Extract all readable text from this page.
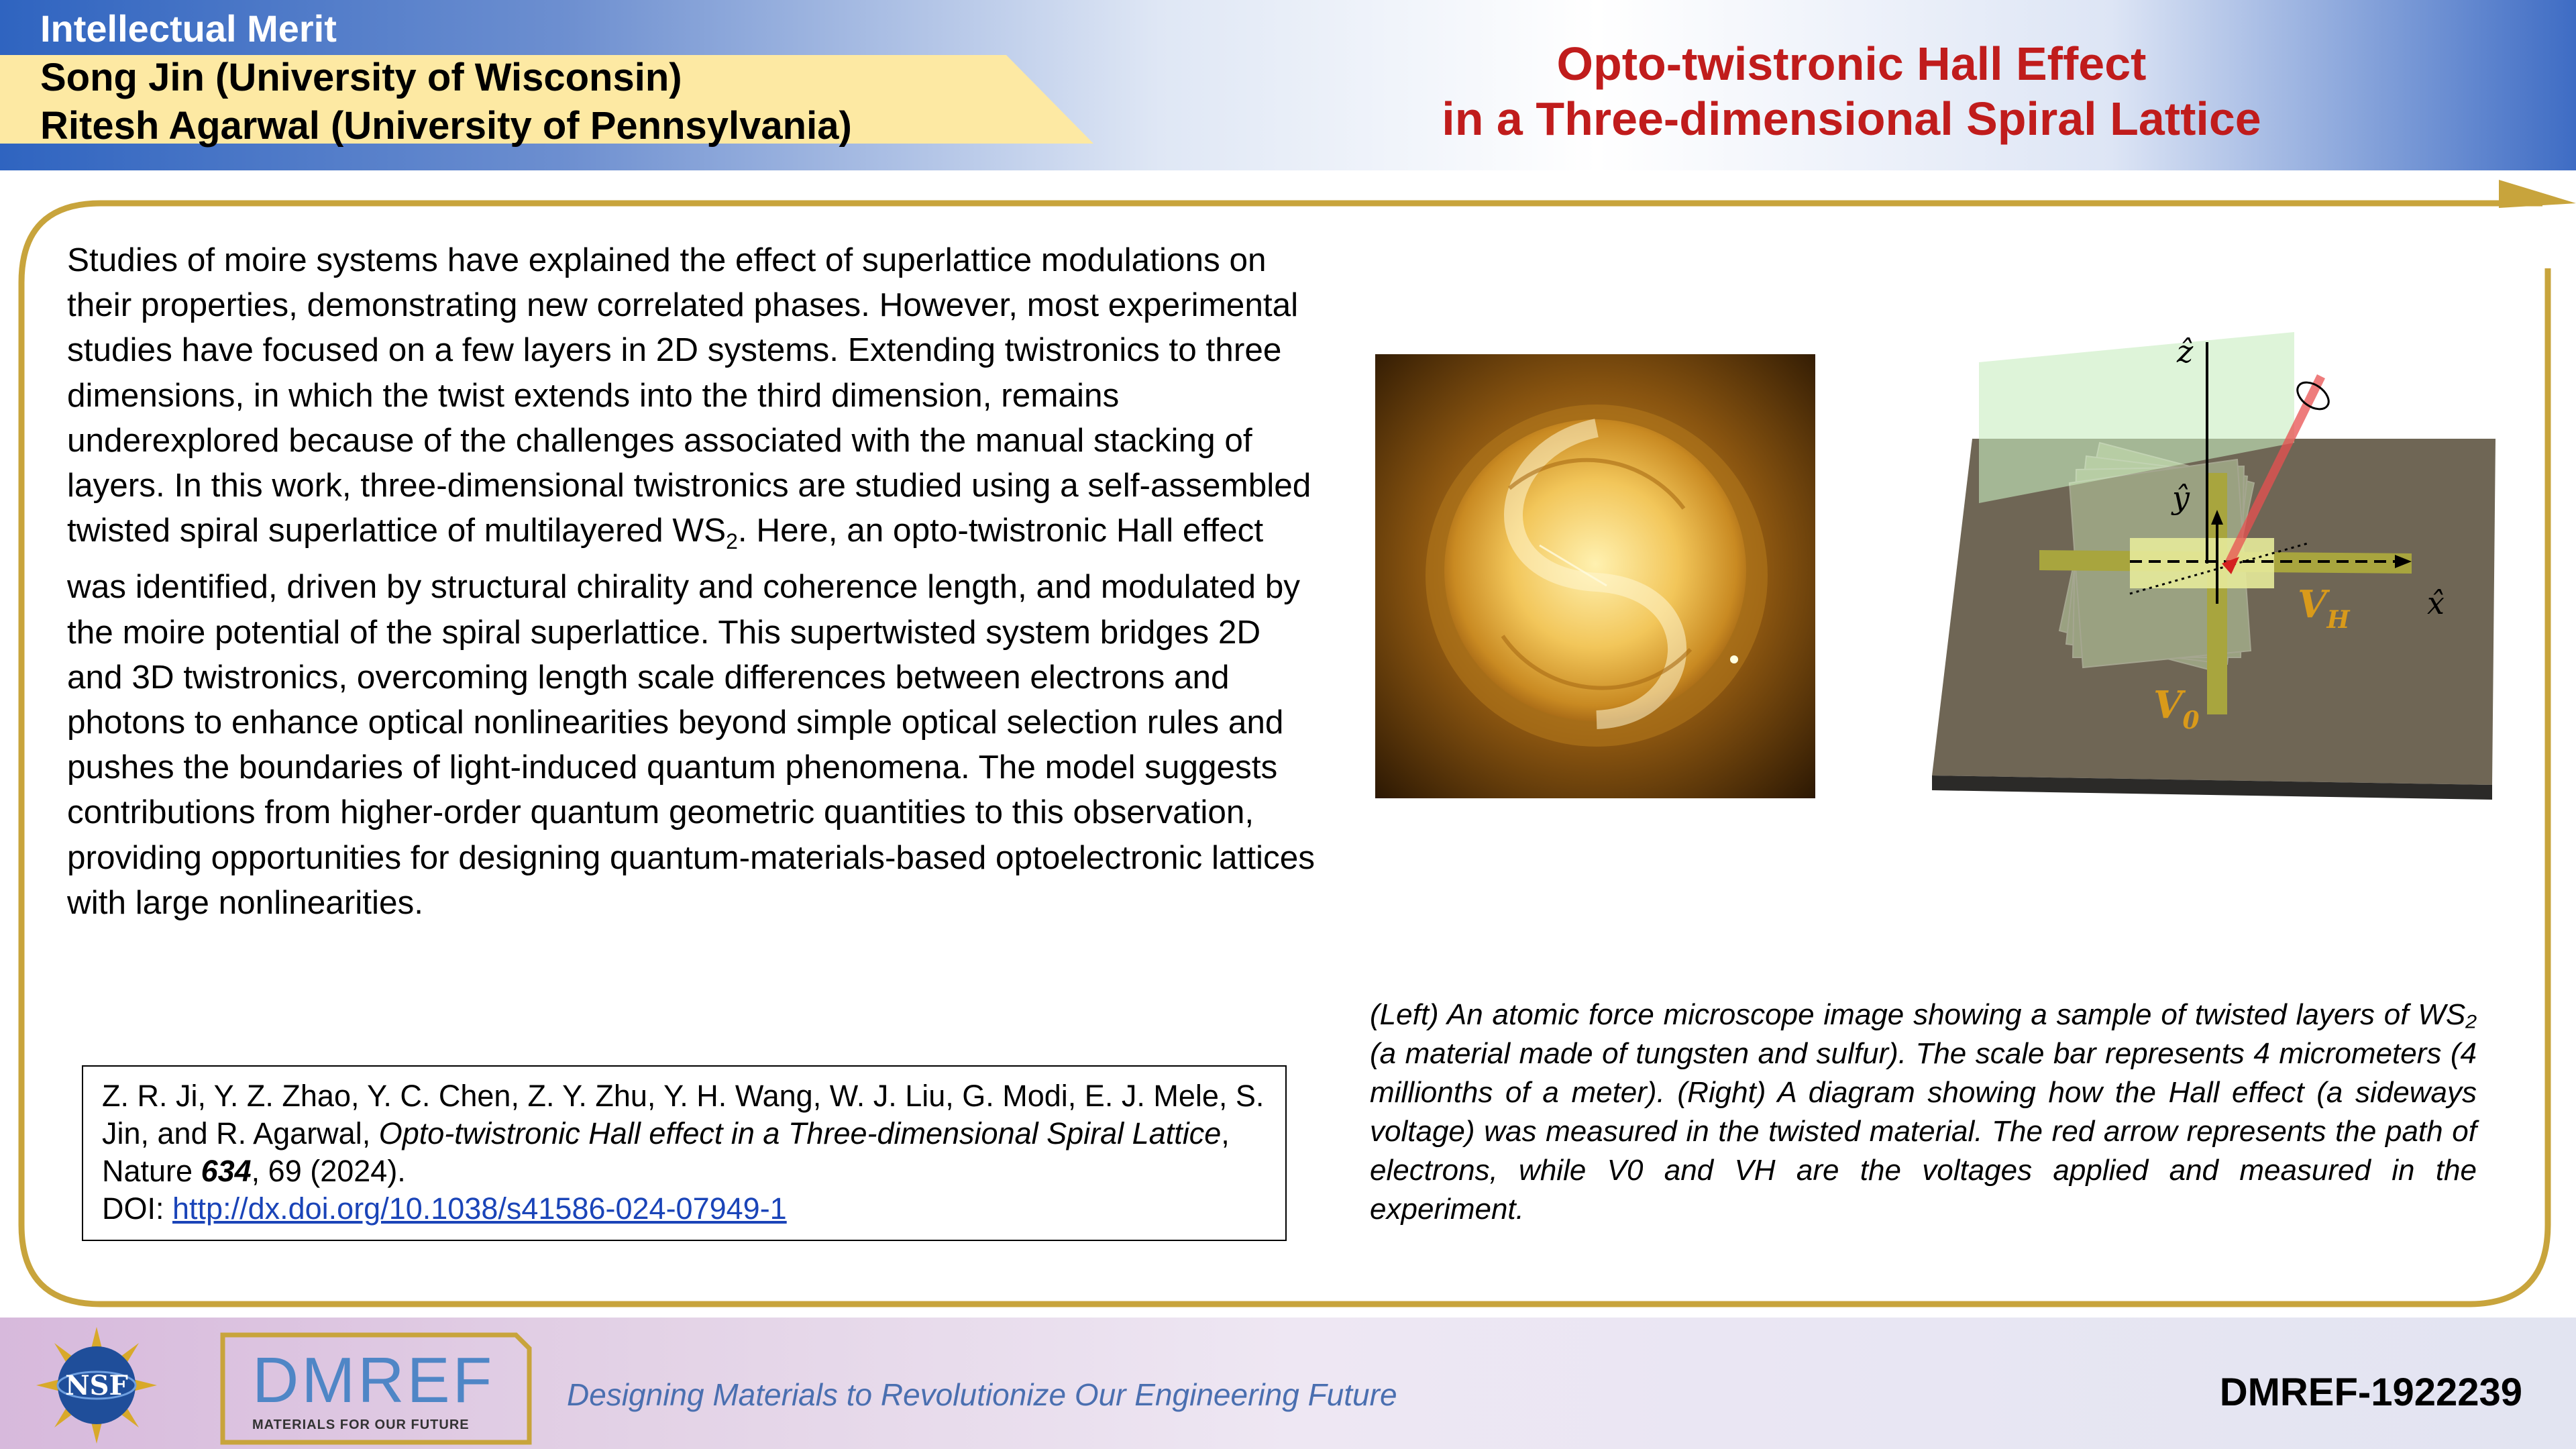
Intellectual Merit
Song Jin (University of Wisconsin)
Ritesh Agarwal (University of Pennsylvania)
Opto-twistronic Hall Effect
in a Three-dimensional Spiral Lattice
Studies of moire systems have explained the effect of superlattice modulations on their properties, demonstrating new correlated phases. However, most experimental studies have focused on a few layers in 2D systems. Extending twistronics to three dimensions, in which the twist extends into the third dimension, remains underexplored because of the challenges associated with the manual stacking of layers. In this work, three-dimensional twistronics are studied using a self-assembled twisted spiral superlattice of multilayered $WS_2$. Here, an opto-twistronic Hall effect was identified, driven by structural chirality and coherence length, and modulated by the moire potential of the spiral superlattice. This supertwisted system bridges 2D and 3D twistronics, overcoming length scale differences between electrons and photons to enhance optical nonlinearities beyond simple optical selection rules and pushes the boundaries of light-induced quantum phenomena. The model suggests contributions from higher-order quantum geometric quantities to this observation, providing opportunities for designing quantum-materials-based optoelectronic lattices with large nonlinearities.
Z. R. Ji, Y. Z. Zhao, Y. C. Chen, Z. Y. Zhu, Y. H. Wang, W. J. Liu, G. Modi, E. J. Mele, S. Jin, and R. Agarwal, Opto-twistronic Hall effect in a Three-dimensional Spiral Lattice, Nature 634, 69 (2024).
DOI: http://dx.doi.org/10.1038/s41586-024-07949-1
ẑ
ŷ
x̂
$V_H$
$V_0$
(Left) An atomic force microscope image showing a sample of twisted layers of WS₂ (a material made of tungsten and sulfur). The scale bar represents 4 micrometers (4 millionths of a meter). (Right) A diagram showing how the Hall effect (a sideways voltage) was measured in the twisted material. The red arrow represents the path of electrons, while V0 and VH are the voltages applied and measured in the experiment.
NSF DMREF
MATERIALS FOR OUR FUTURE
Designing Materials to Revolutionize Our Engineering Future	DMREF-1922239
